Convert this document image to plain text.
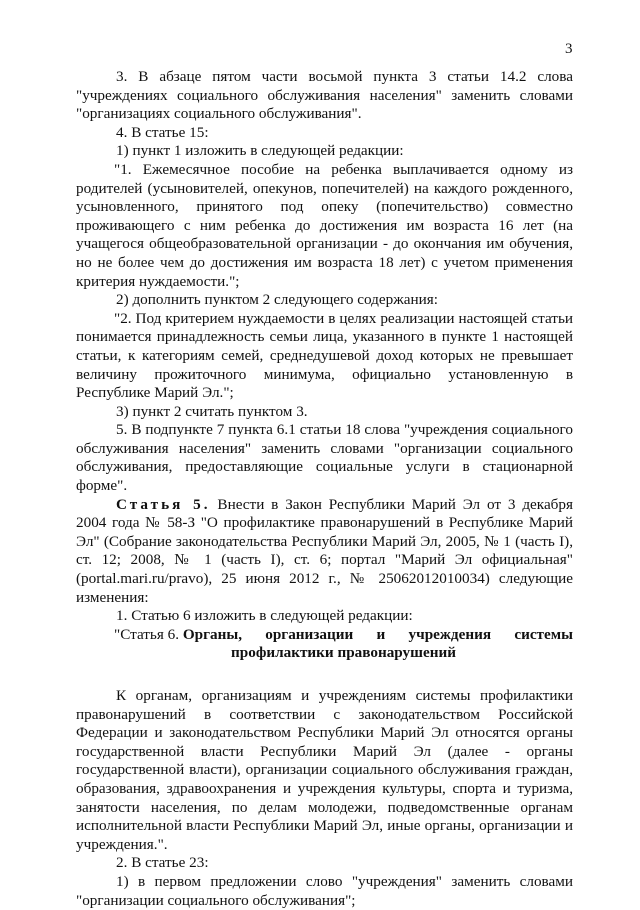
3

3. В абзаце пятом части восьмой пункта 3 статьи 14.2 слова "учреждениях социального обслуживания населения" заменить словами "организациях социального обслуживания".

4. В статье 15:

1) пункт 1 изложить в следующей редакции:

"1. Ежемесячное пособие на ребенка выплачивается одному из родителей (усыновителей, опекунов, попечителей) на каждого рожденного, усыновленного, принятого под опеку (попечительство) совместно проживающего с ним ребенка до достижения им возраста 16 лет (на учащегося общеобразовательной организации - до окончания им обучения, но не более чем до достижения им возраста 18 лет) с учетом применения критерия нуждаемости.";

2) дополнить пунктом 2 следующего содержания:

"2. Под критерием нуждаемости в целях реализации настоящей статьи понимается принадлежность семьи лица, указанного в пункте 1 настоящей статьи, к категориям семей, среднедушевой доход которых не превышает величину прожиточного минимума, официально установленную в Республике Марий Эл.";

3) пункт 2 считать пунктом 3.

5. В подпункте 7 пункта 6.1 статьи 18 слова "учреждения социального обслуживания населения" заменить словами "организации социального обслуживания, предоставляющие социальные услуги в стационарной форме".

Статья 5. Внести в Закон Республики Марий Эл от 3 декабря 2004 года № 58-З "О профилактике правонарушений в Республике Марий Эл" (Собрание законодательства Республики Марий Эл, 2005, № 1 (часть I), ст. 12; 2008, № 1 (часть I), ст. 6; портал "Марий Эл официальная" (portal.mari.ru/pravo), 25 июня 2012 г., № 25062012010034) следующие изменения:

1. Статью 6 изложить в следующей редакции:

"Статья 6. Органы, организации и учреждения системы
профилактики правонарушений

К органам, организациям и учреждениям системы профилактики правонарушений в соответствии с законодательством Российской Федерации и законодательством Республики Марий Эл относятся органы государственной власти Республики Марий Эл (далее - органы государственной власти), организации социального обслуживания граждан, образования, здравоохранения и учреждения культуры, спорта и туризма, занятости населения, по делам молодежи, подведомственные органам исполнительной власти Республики Марий Эл, иные органы, организации и учреждения.".

2. В статье 23:

1) в первом предложении слово "учреждения" заменить словами "организации социального обслуживания";
